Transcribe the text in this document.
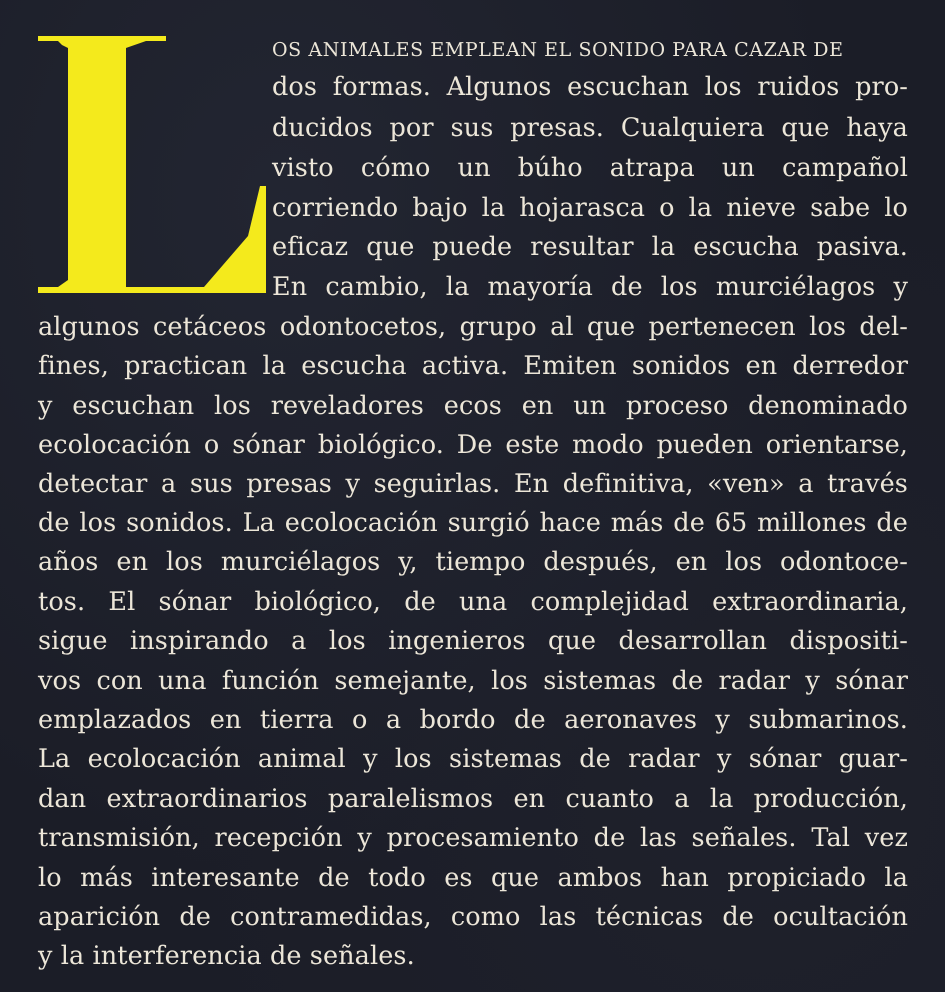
OS ANIMALES EMPLEAN EL SONIDO PARA CAZAR DE
dos formas. Algunos escuchan los ruidos pro-
ducidos por sus presas. Cualquiera que haya
visto cómo un búho atrapa un campañol
corriendo bajo la hojarasca o la nieve sabe lo
eficaz que puede resultar la escucha pasiva.
En cambio, la mayoría de los murciélagos y
algunos cetáceos odontocetos, grupo al que pertenecen los del-
fines, practican la escucha activa. Emiten sonidos en derredor
y escuchan los reveladores ecos en un proceso denominado
ecolocación o sónar biológico. De este modo pueden orientarse,
detectar a sus presas y seguirlas. En definitiva, «ven» a través
de los sonidos. La ecolocación surgió hace más de 65 millones de
años en los murciélagos y, tiempo después, en los odontoce-
tos. El sónar biológico, de una complejidad extraordinaria,
sigue inspirando a los ingenieros que desarrollan dispositi-
vos con una función semejante, los sistemas de radar y sónar
emplazados en tierra o a bordo de aeronaves y submarinos.
La ecolocación animal y los sistemas de radar y sónar guar-
dan extraordinarios paralelismos en cuanto a la producción,
transmisión, recepción y procesamiento de las señales. Tal vez
lo más interesante de todo es que ambos han propiciado la
aparición de contramedidas, como las técnicas de ocultación
y la interferencia de señales.
